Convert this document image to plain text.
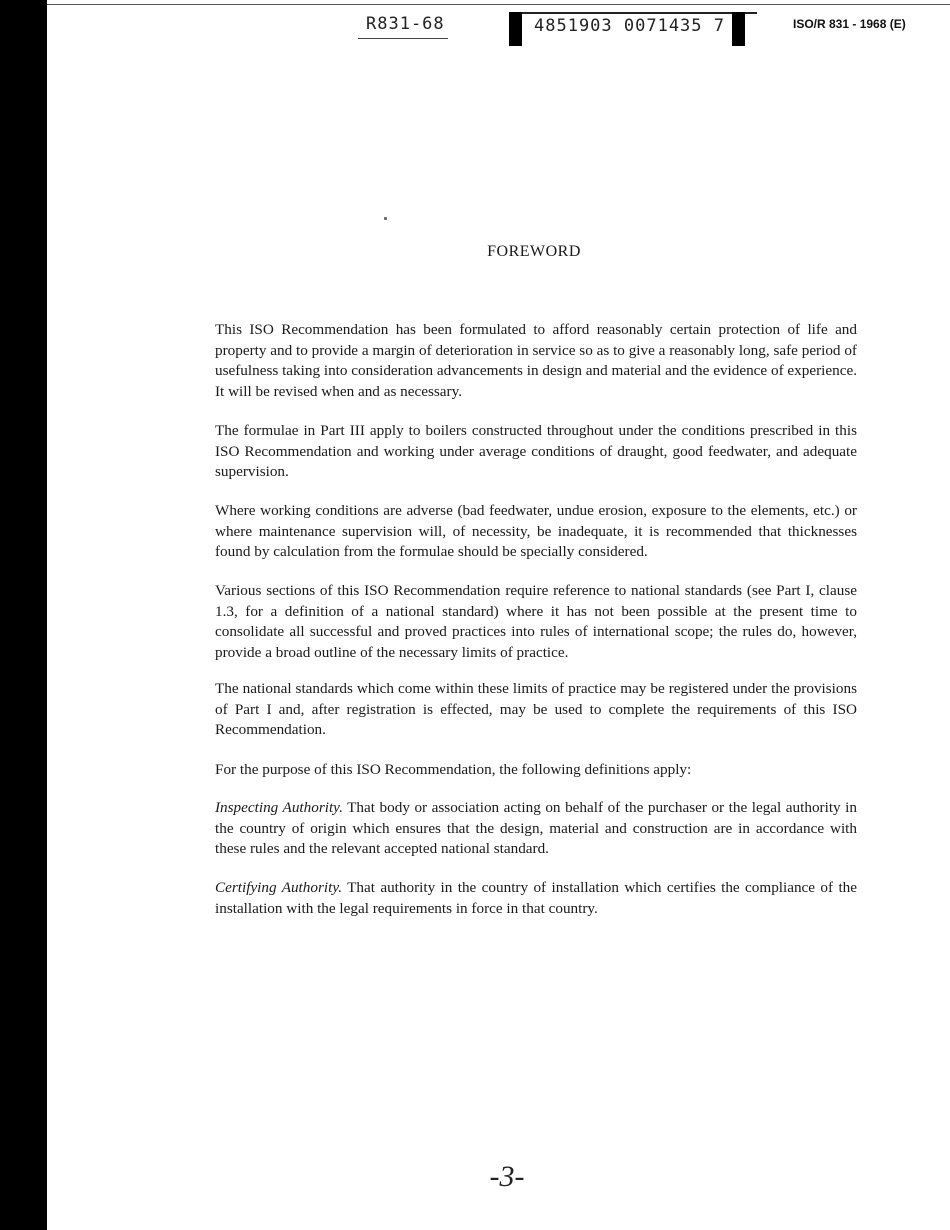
R831-68	4851903 0071435 7	ISO/R 831 - 1968 (E)
FOREWORD

This ISO Recommendation has been formulated to afford reasonably certain protection of life and property and to provide a margin of deterioration in service so as to give a reasonably long, safe period of usefulness taking into consideration advancements in design and material and the evidence of experience. It will be revised when and as necessary.

The formulae in Part III apply to boilers constructed throughout under the conditions prescribed in this ISO Recommendation and working under average conditions of draught, good feedwater, and adequate supervision.

Where working conditions are adverse (bad feedwater, undue erosion, exposure to the elements, etc.) or where maintenance supervision will, of necessity, be inadequate, it is recommended that thicknesses found by calculation from the formulae should be specially considered.

Various sections of this ISO Recommendation require reference to national standards (see Part I, clause 1.3, for a definition of a national standard) where it has not been possible at the present time to consolidate all successful and proved practices into rules of international scope; the rules do, however, provide a broad outline of the necessary limits of practice.

The national standards which come within these limits of practice may be registered under the provisions of Part I and, after registration is effected, may be used to complete the requirements of this ISO Recommendation.

For the purpose of this ISO Recommendation, the following definitions apply:

Inspecting Authority. That body or association acting on behalf of the purchaser or the legal authority in the country of origin which ensures that the design, material and construction are in accordance with these rules and the relevant accepted national standard.

Certifying Authority. That authority in the country of installation which certifies the compliance of the installation with the legal requirements in force in that country.

-3-
